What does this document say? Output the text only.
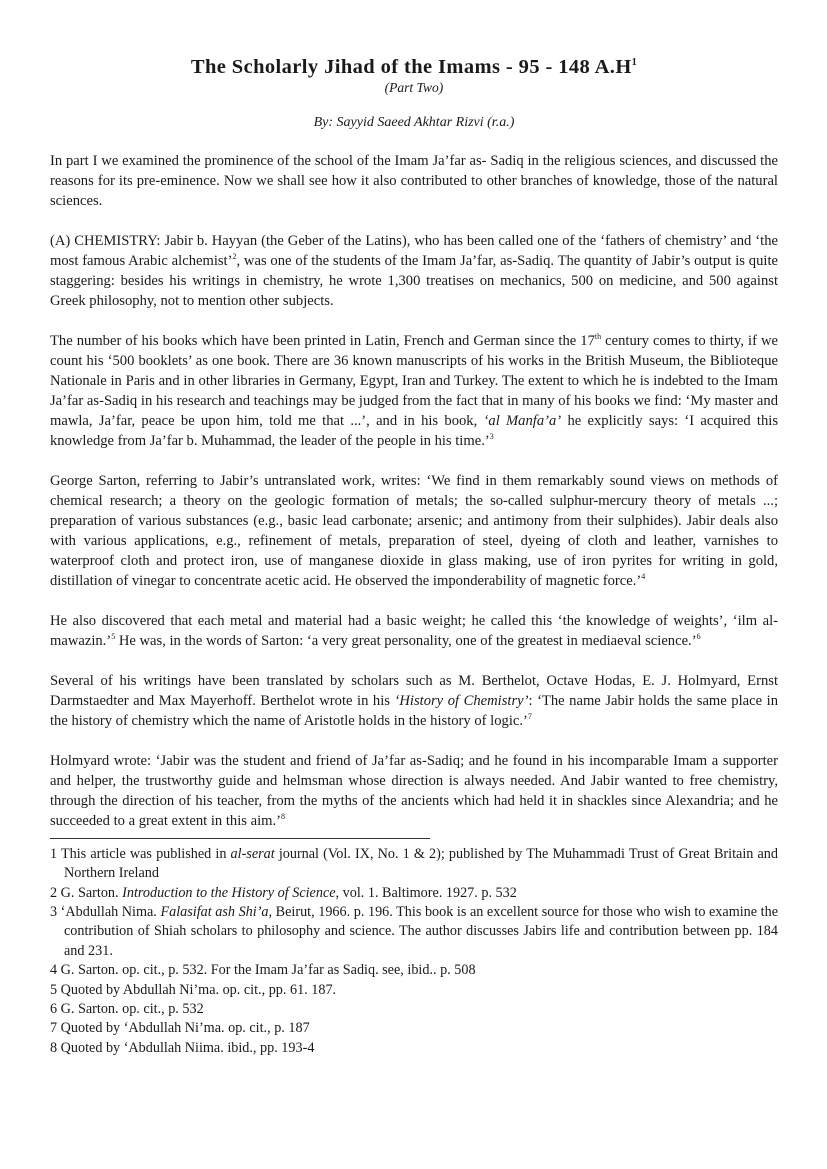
The Scholarly Jihad of the Imams - 95 - 148 $A.H^1$

(Part Two)

By: Sayyid Saeed Akhtar Rizvi (r.a.)

In part I we examined the prominence of the school of the Imam Ja’far as- Sadiq in the religious sciences, and discussed the reasons for its pre-eminence. Now we shall see how it also contributed to other branches of knowledge, those of the natural sciences.

(A) CHEMISTRY: Jabir b. Hayyan (the Geber of the Latins), who has been called one of the ‘fathers of chemistry’ and ‘the most famous Arabic alchemist’$^2$, was one of the students of the Imam Ja’far, as-Sadiq. The quantity of Jabir’s output is quite staggering: besides his writings in chemistry, he wrote 1,300 treatises on mechanics, 500 on medicine, and 500 against Greek philosophy, not to mention other subjects.

The number of his books which have been printed in Latin, French and German since the 17th century comes to thirty, if we count his ‘500 booklets’ as one book. There are 36 known manuscripts of his works in the British Museum, the Biblioteque Nationale in Paris and in other libraries in Germany, Egypt, Iran and Turkey. The extent to which he is indebted to the Imam Ja’far as-Sadiq in his research and teachings may be judged from the fact that in many of his books we find: ‘My master and mawla, Ja’far, peace be upon him, told me that ...’, and in his book, ‘al Manfa’a’ he explicitly says: ‘I acquired this knowledge from Ja’far b. Muhammad, the leader of the people in his time.’$^3$

George Sarton, referring to Jabir’s untranslated work, writes: ‘We find in them remarkably sound views on methods of chemical research; a theory on the geologic formation of metals; the so-called sulphur-mercury theory of metals ...; preparation of various substances (e.g., basic lead carbonate; arsenic; and antimony from their sulphides). Jabir deals also with various applications, e.g., refinement of metals, preparation of steel, dyeing of cloth and leather, varnishes to waterproof cloth and protect iron, use of manganese dioxide in glass making, use of iron pyrites for writing in gold, distillation of vinegar to concentrate acetic acid. He observed the imponderability of magnetic force.’$^4$

He also discovered that each metal and material had a basic weight; he called this ‘the knowledge of weights’, ‘ilm al-mawazin.’$^5$ He was, in the words of Sarton: ‘a very great personality, one of the greatest in mediaeval science.’$^6$

Several of his writings have been translated by scholars such as M. Berthelot, Octave Hodas, E. J. Holmyard, Ernst Darmstaedter and Max Mayerhoff. Berthelot wrote in his ‘History of Chemistry’: ‘The name Jabir holds the same place in the history of chemistry which the name of Aristotle holds in the history of logic.’$^7$

Holmyard wrote: ‘Jabir was the student and friend of Ja’far as-Sadiq; and he found in his incomparable Imam a supporter and helper, the trustworthy guide and helmsman whose direction is always needed. And Jabir wanted to free chemistry, through the direction of his teacher, from the myths of the ancients which had held it in shackles since Alexandria; and he succeeded to a great extent in this aim.’$^8$

1 This article was published in al-serat journal (Vol. IX, No. 1 & 2); published by The Muhammadi Trust of Great Britain and Northern Ireland
2 G. Sarton. Introduction to the History of Science, vol. 1. Baltimore. 1927. p. 532
3 ‘Abdullah Nima. Falasifat ash Shi’a, Beirut, 1966. p. 196. This book is an excellent source for those who wish to examine the contribution of Shiah scholars to philosophy and science. The author discusses Jabirs life and contribution between pp. 184 and 231.
4 G. Sarton. op. cit., p. 532. For the Imam Ja’far as Sadiq. see, ibid.. p. 508
5 Quoted by Abdullah Ni’ma. op. cit., pp. 61. 187.
6 G. Sarton. op. cit., p. 532
7 Quoted by ‘Abdullah Ni’ma. op. cit., p. 187
8 Quoted by ‘Abdullah Niima. ibid., pp. 193-4
